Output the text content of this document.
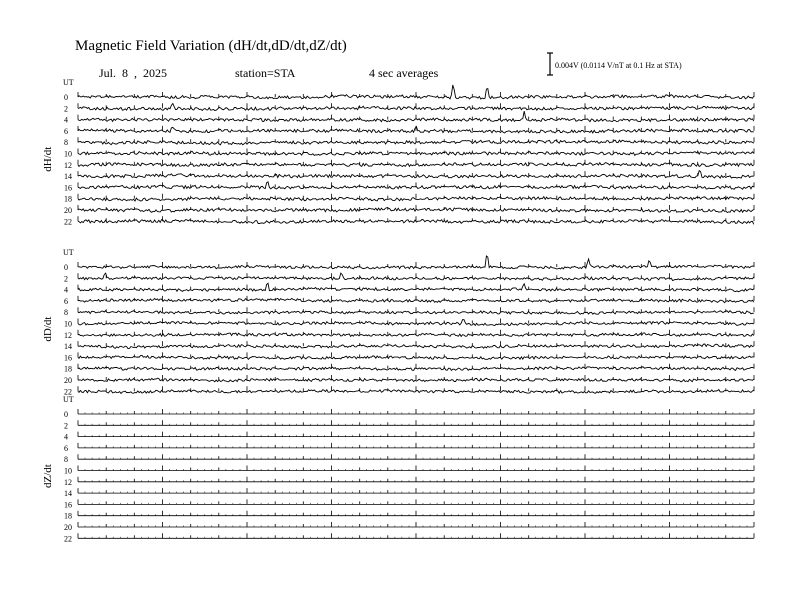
Magnetic Field Variation (dH/dt,dD/dt,dZ/dt)
Jul. 8 , 2025	station=STA	4 sec averages
0.004V (0.0114 V/nT at 0.1 Hz at STA)
UT
dH/dt
0
2
4
6
8
10
12
14
16
18
20
22
UT
dD/dt
0
2
4
6
8
10
12
14
16
18
20
22
UT
dZ/dt
0
2
4
6
8
10
12
14
16
18
20
22
